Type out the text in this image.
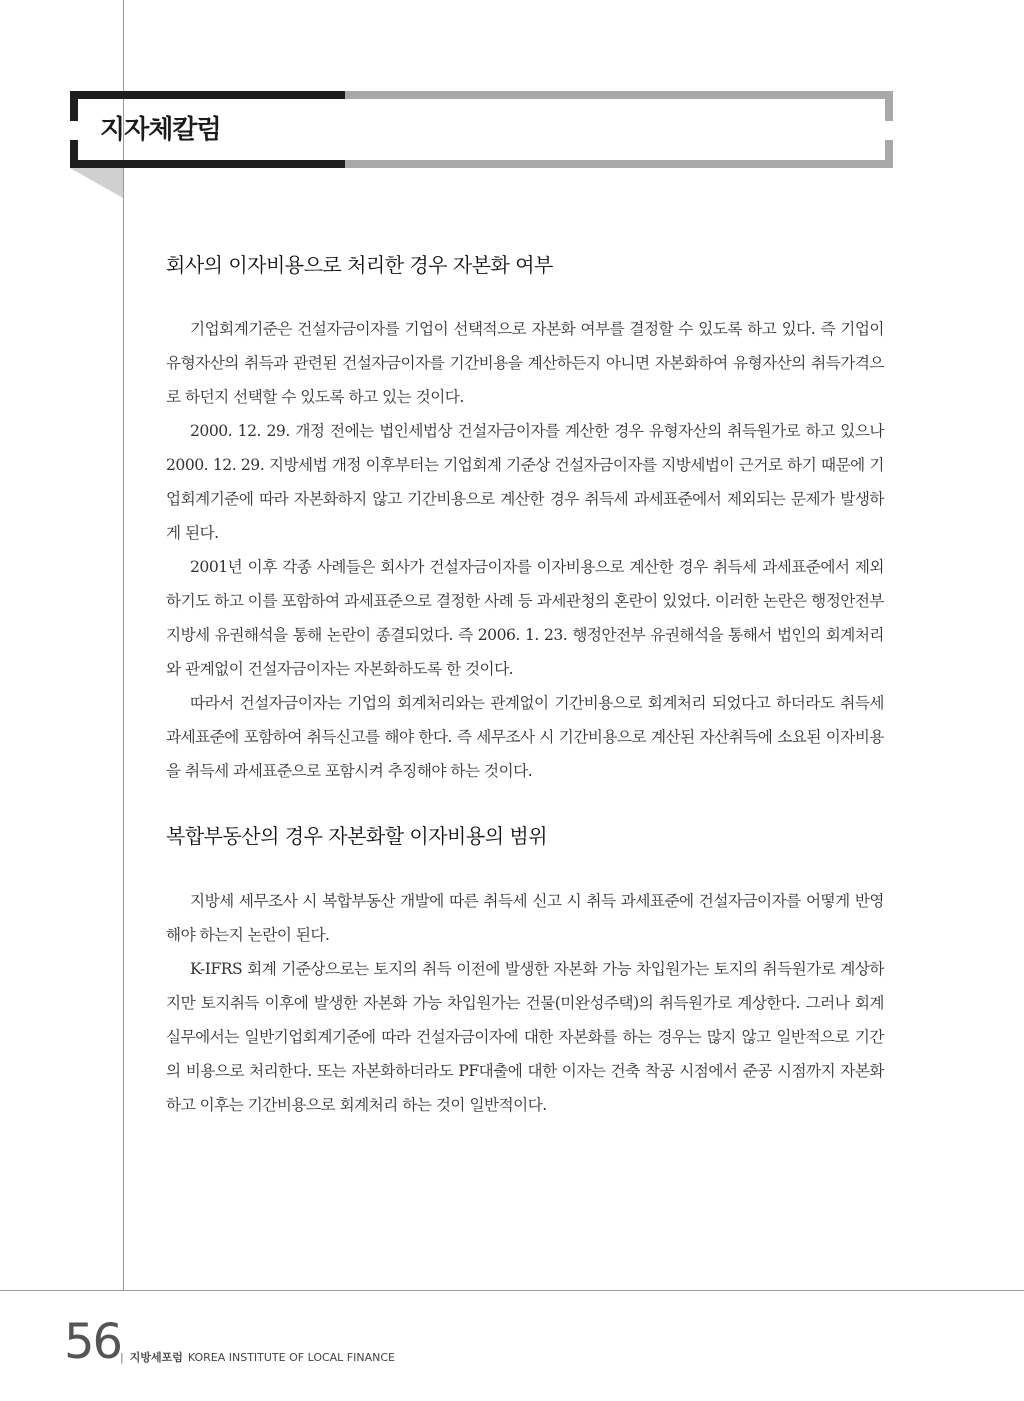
지자체칼럼
회사의 이자비용으로 처리한 경우 자본화 여부

기업회계기준은 건설자금이자를 기업이 선택적으로 자본화 여부를 결정할 수 있도록 하고 있다. 즉 기업이 유형자산의 취득과 관련된 건설자금이자를 기간비용을 계산하든지 아니면 자본화하여 유형자산의 취득가격으로 하던지 선택할 수 있도록 하고 있는 것이다.

2000. 12. 29. 개정 전에는 법인세법상 건설자금이자를 계산한 경우 유형자산의 취득원가로 하고 있으나 2000. 12. 29. 지방세법 개정 이후부터는 기업회계 기준상 건설자금이자를 지방세법이 근거로 하기 때문에 기업회계기준에 따라 자본화하지 않고 기간비용으로 계산한 경우 취득세 과세표준에서 제외되는 문제가 발생하게 된다.

2001년 이후 각종 사례들은 회사가 건설자금이자를 이자비용으로 계산한 경우 취득세 과세표준에서 제외하기도 하고 이를 포함하여 과세표준으로 결정한 사례 등 과세관청의 혼란이 있었다. 이러한 논란은 행정안전부 지방세 유권해석을 통해 논란이 종결되었다. 즉 2006. 1. 23. 행정안전부 유권해석을 통해서 법인의 회계처리와 관계없이 건설자금이자는 자본화하도록 한 것이다.

따라서 건설자금이자는 기업의 회계처리와는 관계없이 기간비용으로 회계처리 되었다고 하더라도 취득세 과세표준에 포함하여 취득신고를 해야 한다. 즉 세무조사 시 기간비용으로 계산된 자산취득에 소요된 이자비용을 취득세 과세표준으로 포함시켜 추징해야 하는 것이다.

복합부동산의 경우 자본화할 이자비용의 범위

지방세 세무조사 시 복합부동산 개발에 따른 취득세 신고 시 취득 과세표준에 건설자금이자를 어떻게 반영해야 하는지 논란이 된다.

K-IFRS 회계 기준상으로는 토지의 취득 이전에 발생한 자본화 가능 차입원가는 토지의 취득원가로 계상하지만 토지취득 이후에 발생한 자본화 가능 차입원가는 건물(미완성주택)의 취득원가로 계상한다. 그러나 회계실무에서는 일반기업회계기준에 따라 건설자금이자에 대한 자본화를 하는 경우는 많지 않고 일반적으로 기간의 비용으로 처리한다. 또는 자본화하더라도 PF대출에 대한 이자는 건축 착공 시점에서 준공 시점까지 자본화하고 이후는 기간비용으로 회계처리 하는 것이 일반적이다.

56
| 지방세포럼 KOREA INSTITUTE OF LOCAL FINANCE
